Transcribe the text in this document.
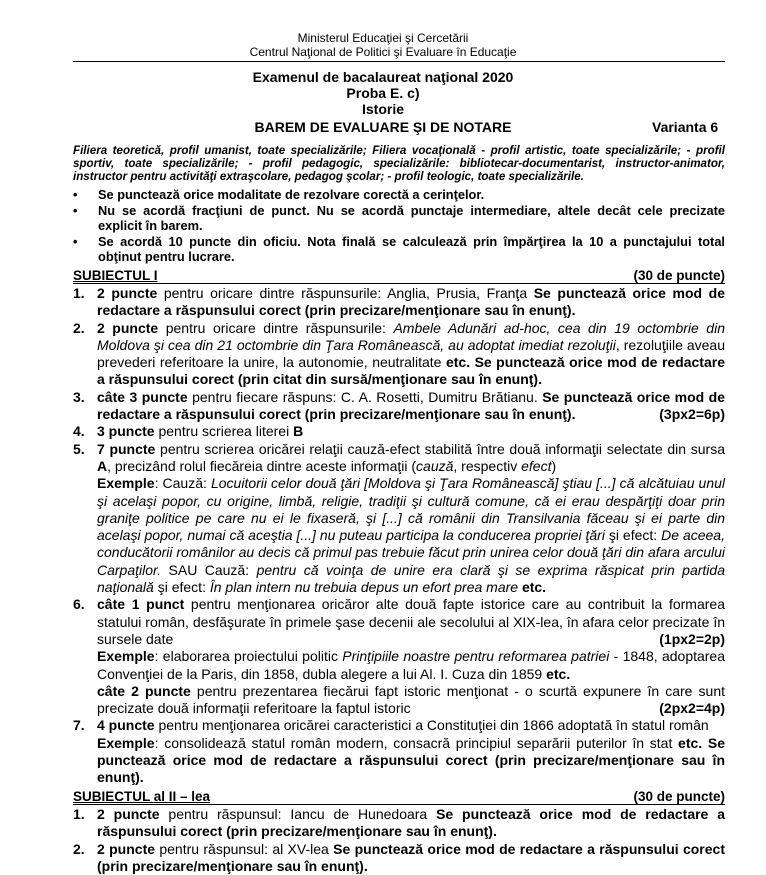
Ministerul Educaţiei şi Cercetării
Centrul Naţional de Politici şi Evaluare în Educaţie
Examenul de bacalaureat naţional 2020
Proba E. c)
Istorie
BAREM DE EVALUARE ŞI DE NOTARE	Varianta 6
Filiera teoretică, profil umanist, toate specializările; Filiera vocaţională - profil artistic, toate specializările; - profil sportiv, toate specializările; - profil pedagogic, specializările: bibliotecar-documentarist, instructor-animator, instructor pentru activităţi extraşcolare, pedagog şcolar; - profil teologic, toate specializările.
• Se punctează orice modalitate de rezolvare corectă a cerinţelor.
• Nu se acordă fracţiuni de punct. Nu se acordă punctaje intermediare, altele decât cele precizate explicit în barem.
• Se acordă 10 puncte din oficiu. Nota finală se calculează prin împărţirea la 10 a punctajului total obţinut pentru lucrare.
SUBIECTUL I	(30 de puncte)
1. 2 puncte pentru oricare dintre răspunsurile: Anglia, Prusia, Franţa Se punctează orice mod de redactare a răspunsului corect (prin precizare/menţionare sau în enunţ).
2. 2 puncte pentru oricare dintre răspunsurile: Ambele Adunări ad-hoc, cea din 19 octombrie din Moldova şi cea din 21 octombrie din Ţara Românească, au adoptat imediat rezoluţii, rezoluţiile aveau prevederi referitoare la unire, la autonomie, neutralitate etc. Se punctează orice mod de redactare a răspunsului corect (prin citat din sursă/menţionare sau în enunţ).
3. câte 3 puncte pentru fiecare răspuns: C. A. Rosetti, Dumitru Brătianu. Se punctează orice mod de redactare a răspunsului corect (prin precizare/menţionare sau în enunţ).	(3px2=6p)
4. 3 puncte pentru scrierea literei B
5. 7 puncte pentru scrierea oricărei relaţii cauză-efect stabilită între două informaţii selectate din sursa A, precizând rolul fiecăreia dintre aceste informaţii (cauză, respectiv efect)
Exemple: Cauză: Locuitorii celor două ţări [Moldova şi Ţara Românească] ştiau [...] că alcătuiau unul şi acelaşi popor, cu origine, limbă, religie, tradiţii şi cultură comune, că ei erau despărţiţi doar prin graniţe politice pe care nu ei le fixaseră, şi [...] că românii din Transilvania făceau şi ei parte din acelaşi popor, numai că aceştia [...] nu puteau participa la conducerea propriei ţări şi efect: De aceea, conducătorii românilor au decis că primul pas trebuie făcut prin unirea celor două ţări din afara arcului Carpaţilor. SAU Cauză: pentru că voinţa de unire era clară şi se exprima răspicat prin partida naţională şi efect: În plan intern nu trebuia depus un efort prea mare etc.
6. câte 1 punct pentru menţionarea oricăror alte două fapte istorice care au contribuit la formarea statului român, desfăşurate în primele şase decenii ale secolului al XIX-lea, în afara celor precizate în sursele date	(1px2=2p)
Exemple: elaborarea proiectului politic Prinţipiile noastre pentru reformarea patriei - 1848, adoptarea Convenţiei de la Paris, din 1858, dubla alegere a lui Al. I. Cuza din 1859 etc.
câte 2 puncte pentru prezentarea fiecărui fapt istoric menţionat - o scurtă expunere în care sunt precizate două informaţii referitoare la faptul istoric	(2px2=4p)
7. 4 puncte pentru menţionarea oricărei caracteristici a Constituţiei din 1866 adoptată în statul român
Exemple: consolidează statul român modern, consacră principiul separării puterilor în stat etc. Se punctează orice mod de redactare a răspunsului corect (prin precizare/menţionare sau în enunţ).
SUBIECTUL al II – lea	(30 de puncte)
1. 2 puncte pentru răspunsul: Iancu de Hunedoara Se punctează orice mod de redactare a răspunsului corect (prin precizare/menţionare sau în enunţ).
2. 2 puncte pentru răspunsul: al XV-lea Se punctează orice mod de redactare a răspunsului corect (prin precizare/menţionare sau în enunţ).
